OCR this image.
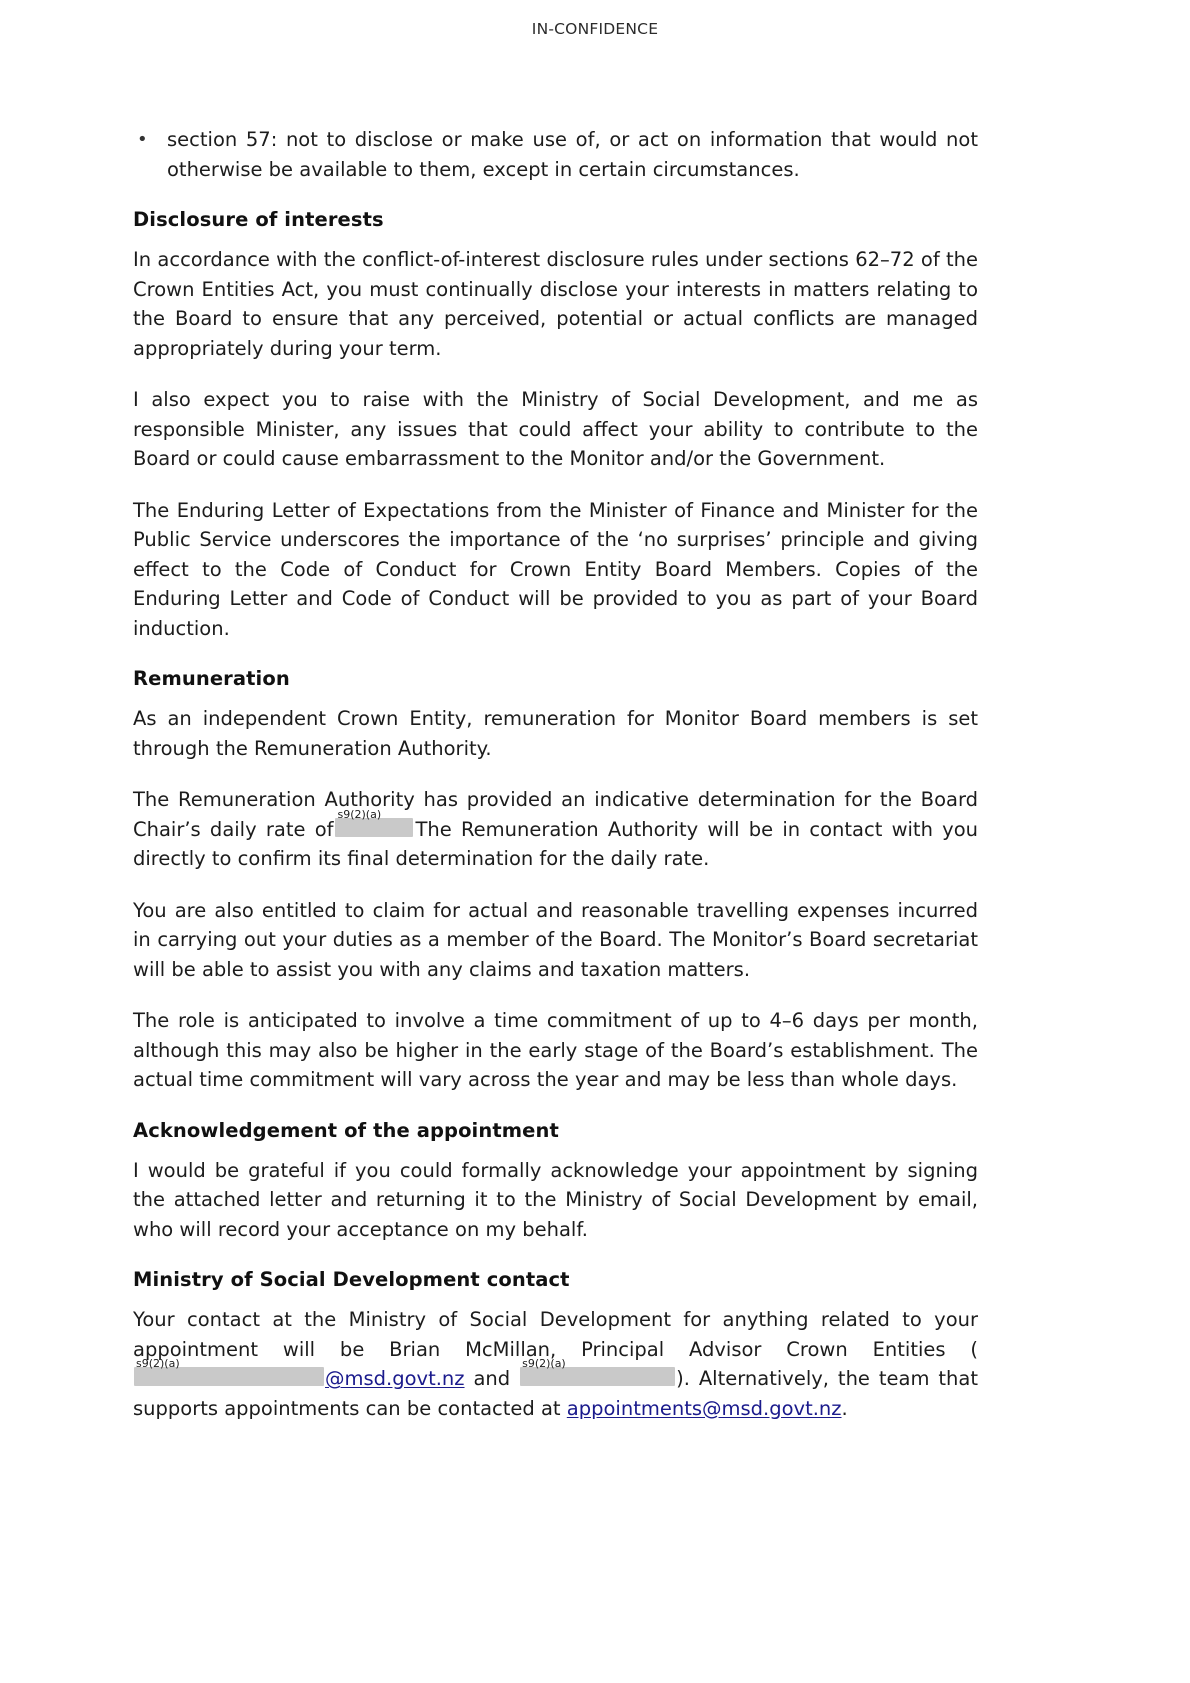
IN-CONFIDENCE
• section 57: not to disclose or make use of, or act on information that would not otherwise be available to them, except in certain circumstances.
Disclosure of interests

In accordance with the conflict-of-interest disclosure rules under sections 62–72 of the Crown Entities Act, you must continually disclose your interests in matters relating to the Board to ensure that any perceived, potential or actual conflicts are managed appropriately during your term.

I also expect you to raise with the Ministry of Social Development, and me as responsible Minister, any issues that could affect your ability to contribute to the Board or could cause embarrassment to the Monitor and/or the Government.

The Enduring Letter of Expectations from the Minister of Finance and Minister for the Public Service underscores the importance of the ‘no surprises’ principle and giving effect to the Code of Conduct for Crown Entity Board Members. Copies of the Enduring Letter and Code of Conduct will be provided to you as part of your Board induction.

Remuneration

As an independent Crown Entity, remuneration for Monitor Board members is set through the Remuneration Authority.

The Remuneration Authority has provided an indicative determination for the Board Chair’s daily rate of
s9(2)(a)
The Remuneration Authority will be in contact with you directly to confirm its final determination for the daily rate.

You are also entitled to claim for actual and reasonable travelling expenses incurred in carrying out your duties as a member of the Board. The Monitor’s Board secretariat will be able to assist you with any claims and taxation matters.

The role is anticipated to involve a time commitment of up to 4–6 days per month, although this may also be higher in the early stage of the Board’s establishment. The actual time commitment will vary across the year and may be less than whole days.

Acknowledgement of the appointment

I would be grateful if you could formally acknowledge your appointment by signing the attached letter and returning it to the Ministry of Social Development by email, who will record your acceptance on my behalf.

Ministry of Social Development contact

Your contact at the Ministry of Social Development for anything related to your appointment will be Brian McMillan, Principal Advisor Crown Entities (
s9(2)(a)
@msd.govt.nz and
s9(2)(a)
). Alternatively, the team that supports appointments can be contacted at appointments@msd.govt.nz.
